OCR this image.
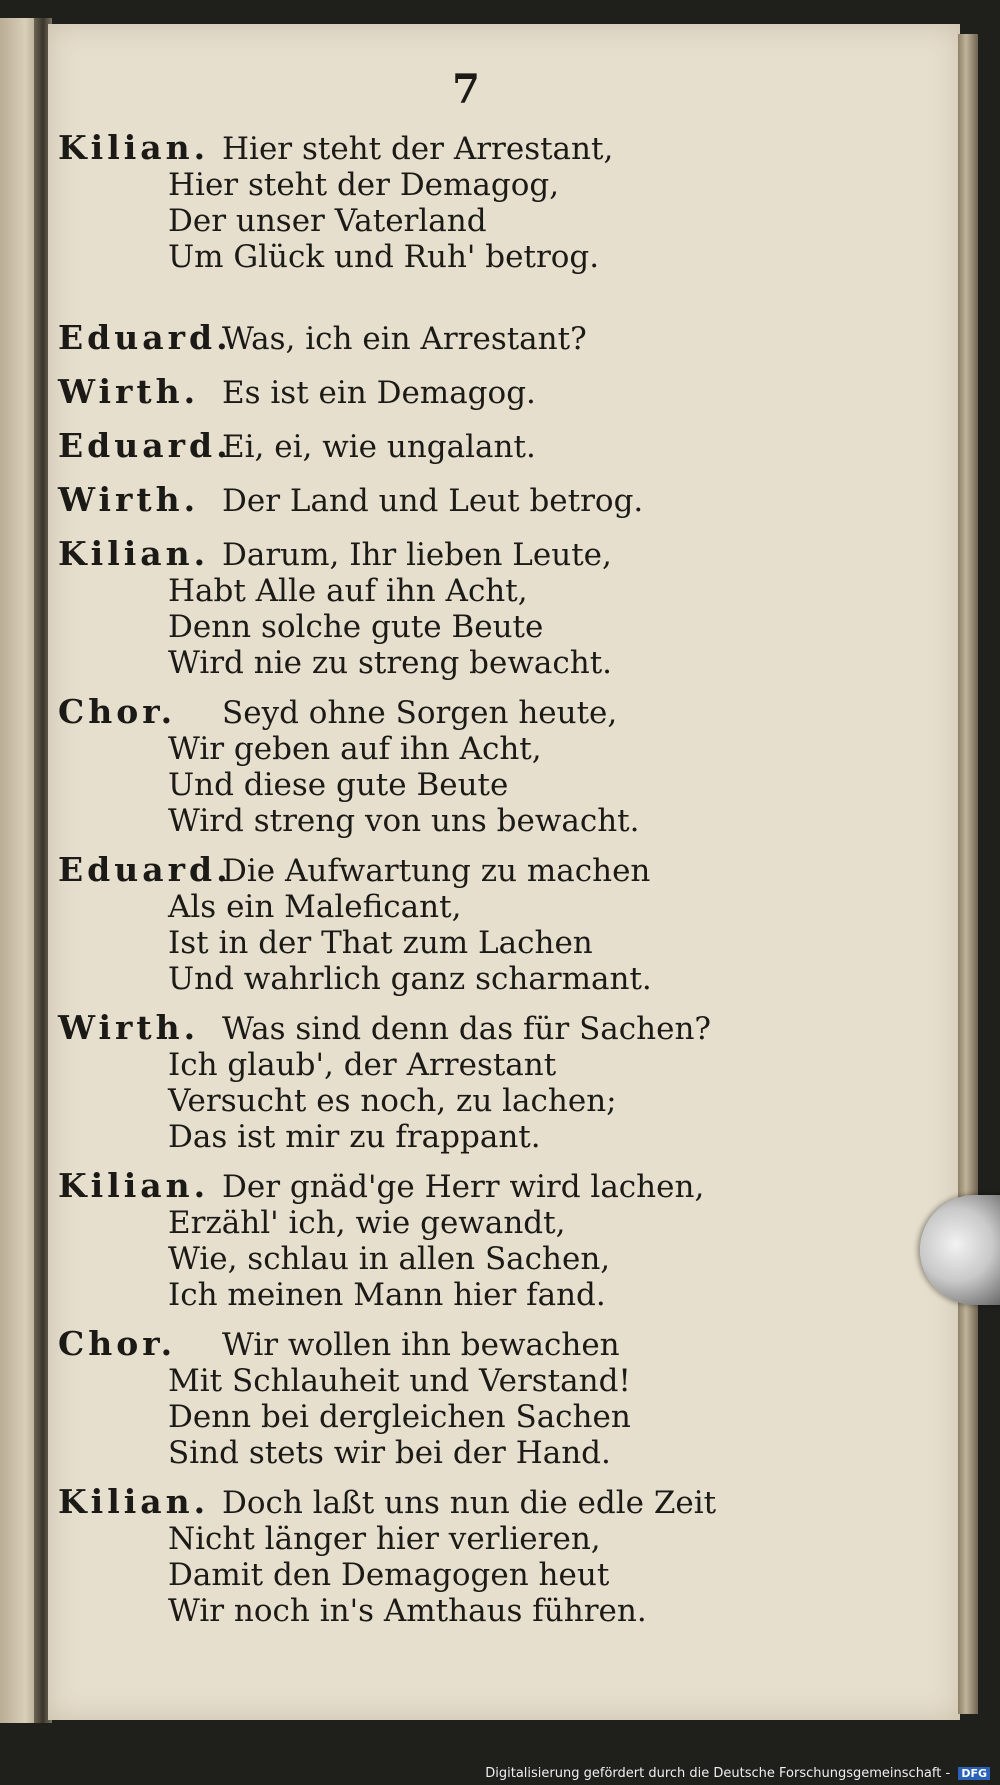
7
Kilian. Hier steht der Arrestant,
Hier steht der Demagog,
Der unser Vaterland
Um Glück und Ruh' betrog.
Eduard.Was, ich ein Arrestant?
Wirth. Es ist ein Demagog.
Eduard.Ei, ei, wie ungalant.
Wirth. Der Land und Leut betrog.
Kilian. Darum, Ihr lieben Leute,
Habt Alle auf ihn Acht,
Denn solche gute Beute
Wird nie zu streng bewacht.
Chor. Seyd ohne Sorgen heute,
Wir geben auf ihn Acht,
Und diese gute Beute
Wird streng von uns bewacht.
Eduard.Die Aufwartung zu machen
Als ein Maleficant,
Ist in der That zum Lachen
Und wahrlich ganz scharmant.
Wirth. Was sind denn das für Sachen?
Ich glaub', der Arrestant
Versucht es noch, zu lachen;
Das ist mir zu frappant.
Kilian. Der gnäd'ge Herr wird lachen,
Erzähl' ich, wie gewandt,
Wie, schlau in allen Sachen,
Ich meinen Mann hier fand.
Chor. Wir wollen ihn bewachen
Mit Schlauheit und Verstand!
Denn bei dergleichen Sachen
Sind stets wir bei der Hand.
Kilian. Doch laßt uns nun die edle Zeit
Nicht länger hier verlieren,
Damit den Demagogen heut
Wir noch in's Amthaus führen.
Digitalisierung gefördert durch die Deutsche Forschungsgemeinschaft - DFG
